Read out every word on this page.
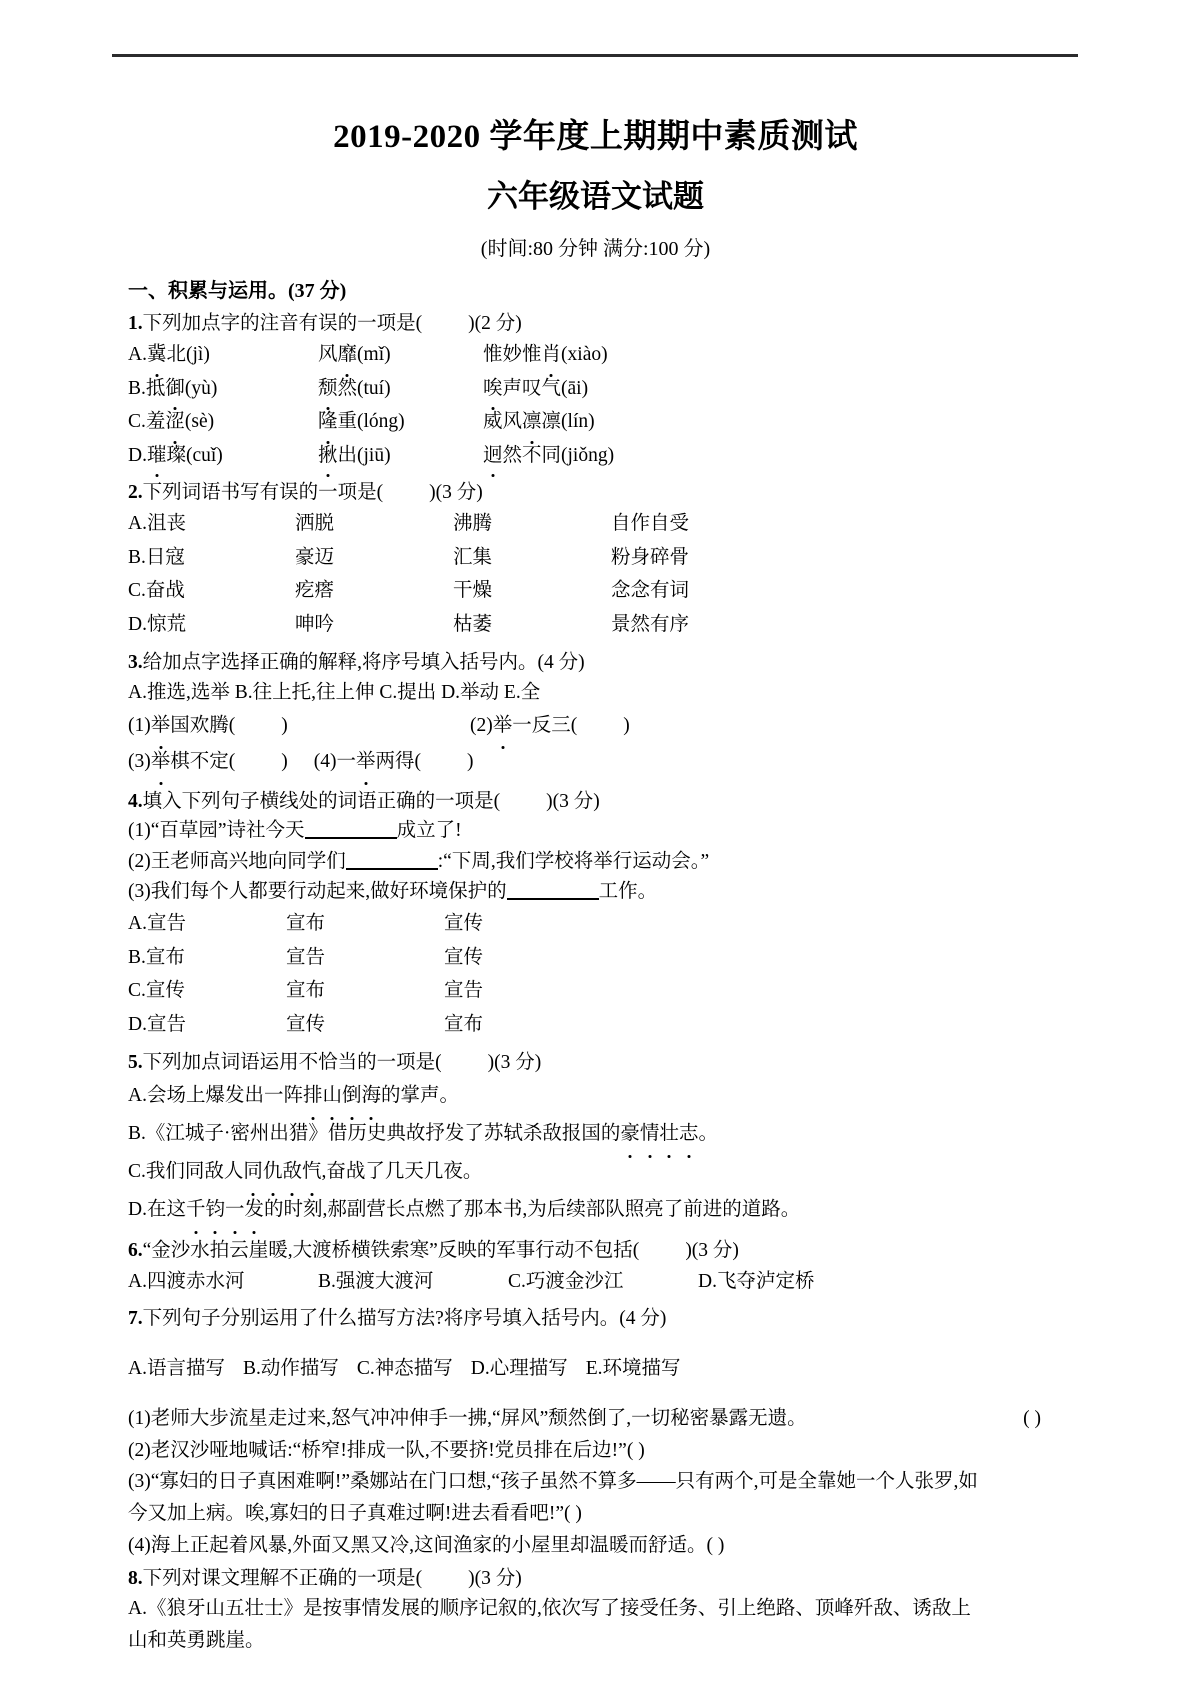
2019-2020 学年度上期期中素质测试
六年级语文试题

(时间:80 分钟 满分:100 分)

一、积累与运用。(37 分)

1.下列加点字的注音有误的一项是( )(2 分)

A.冀北(jì)	风靡(mǐ)	惟妙惟肖(xiào)
B.抵御(yù)	颓然(tuí)	唉声叹气(āi)
C.羞涩(sè)	隆重(lóng)	威风凛凛(lín)
D.璀璨(cuǐ)	揪出(jiū)	迥然不同(jiǒng)

2.下列词语书写有误的一项是( )(3 分)

A.沮丧	洒脱	沸腾	自作自受
B.日寇	豪迈	汇集	粉身碎骨
C.奋战	疙瘩	干燥	念念有词
D.惊荒	呻吟	枯萎	景然有序

3.给加点字选择正确的解释,将序号填入括号内。(4 分)

A.推选,选举 B.往上托,往上伸 C.提出 D.举动 E.全

(1)举国欢腾( )	(2)举一反三( )
(3)举棋不定( ) (4)一举两得( )

4.填入下列句子横线处的词语正确的一项是( )(3 分)

(1)“百草园”诗社今天	成立了!

(2)王老师高兴地向同学们	:“下周,我们学校将举行运动会。”

(3)我们每个人都要行动起来,做好环境保护的	工作。

A.宣告	宣布	宣传
B.宣布	宣告	宣传
C.宣传	宣布	宣告
D.宣告	宣传	宣布

5.下列加点词语运用不恰当的一项是( )(3 分)

A.会场上爆发出一阵排山倒海的掌声。

B.《江城子·密州出猎》借历史典故抒发了苏轼杀敌报国的豪情壮志。

C.我们同敌人同仇敌忾,奋战了几天几夜。

D.在这千钧一发的时刻,郝副营长点燃了那本书,为后续部队照亮了前进的道路。

6.“金沙水拍云崖暖,大渡桥横铁索寒”反映的军事行动不包括( )(3 分)

A.四渡赤水河	B.强渡大渡河	C.巧渡金沙江	D.飞夺泸定桥

7.下列句子分别运用了什么描写方法?将序号填入括号内。(4 分)

A.语言描写 B.动作描写 C.神态描写 D.心理描写 E.环境描写

( )
(1)老师大步流星走过来,怒气冲冲伸手一拂,“屏风”颓然倒了,一切秘密暴露无遗。

(2)老汉沙哑地喊话:“桥窄!排成一队,不要挤!党员排在后边!”( )

(3)“寡妇的日子真困难啊!”桑娜站在门口想,“孩子虽然不算多——只有两个,可是全靠她一个人张罗,如

今又加上病。唉,寡妇的日子真难过啊!进去看看吧!”( )

(4)海上正起着风暴,外面又黑又冷,这间渔家的小屋里却温暖而舒适。( )

8.下列对课文理解不正确的一项是( )(3 分)

A.《狼牙山五壮士》是按事情发展的顺序记叙的,依次写了接受任务、引上绝路、顶峰歼敌、诱敌上

山和英勇跳崖。
